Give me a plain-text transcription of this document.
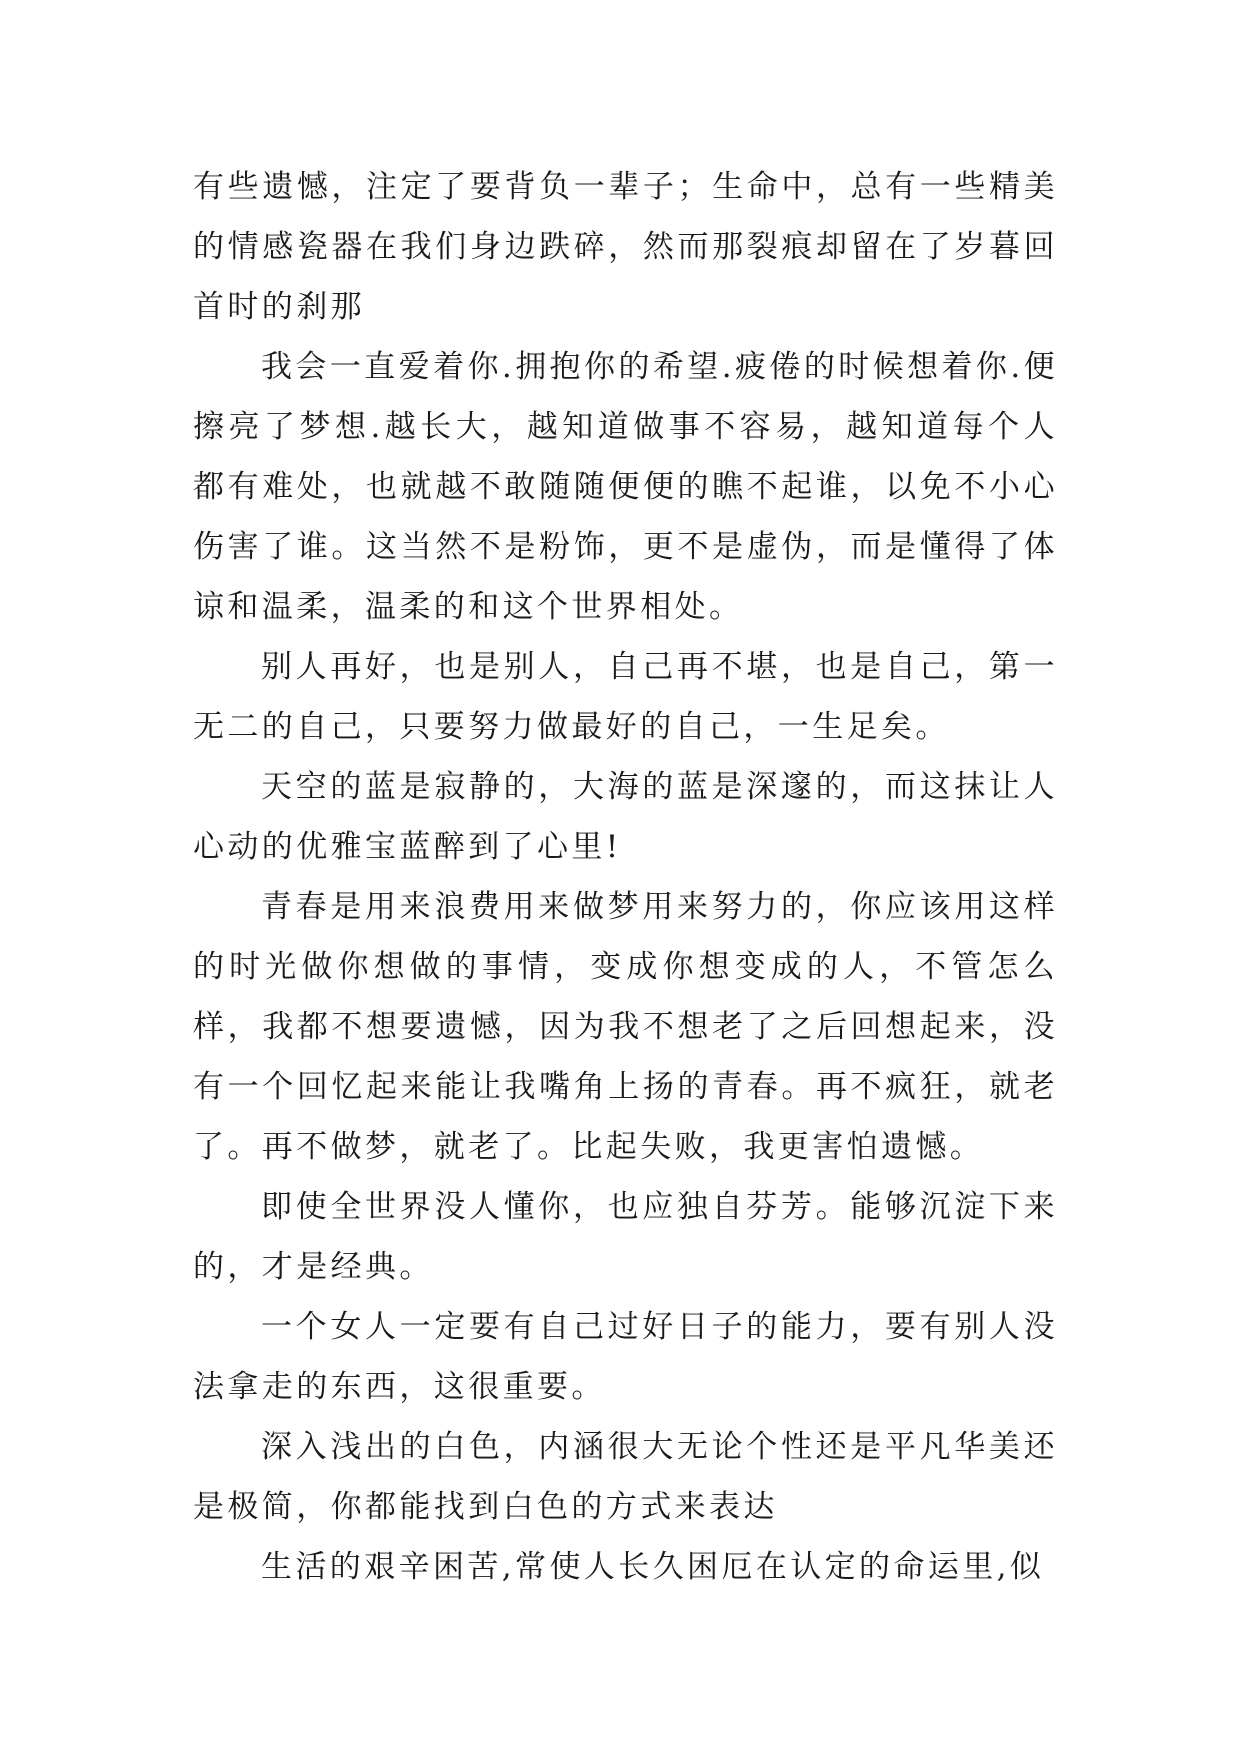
有些遗憾，注定了要背负一辈子；生命中，总有一些精美的情感瓷器在我们身边跌碎，然而那裂痕却留在了岁暮回首时的刹那

我会一直爱着你.拥抱你的希望.疲倦的时候想着你.便擦亮了梦想.越长大，越知道做事不容易，越知道每个人都有难处，也就越不敢随随便便的瞧不起谁，以免不小心伤害了谁。这当然不是粉饰，更不是虚伪，而是懂得了体谅和温柔，温柔的和这个世界相处。

别人再好，也是别人，自己再不堪，也是自己，第一无二的自己，只要努力做最好的自己，一生足矣。

天空的蓝是寂静的，大海的蓝是深邃的，而这抹让人心动的优雅宝蓝醉到了心里!

青春是用来浪费用来做梦用来努力的，你应该用这样的时光做你想做的事情，变成你想变成的人，不管怎么样，我都不想要遗憾，因为我不想老了之后回想起来，没有一个回忆起来能让我嘴角上扬的青春。再不疯狂，就老了。再不做梦，就老了。比起失败，我更害怕遗憾。

即使全世界没人懂你，也应独自芬芳。能够沉淀下来的，才是经典。

一个女人一定要有自己过好日子的能力，要有别人没法拿走的东西，这很重要。

深入浅出的白色，内涵很大无论个性还是平凡华美还是极简，你都能找到白色的方式来表达

生活的艰辛困苦,常使人长久困厄在认定的命运里,似
